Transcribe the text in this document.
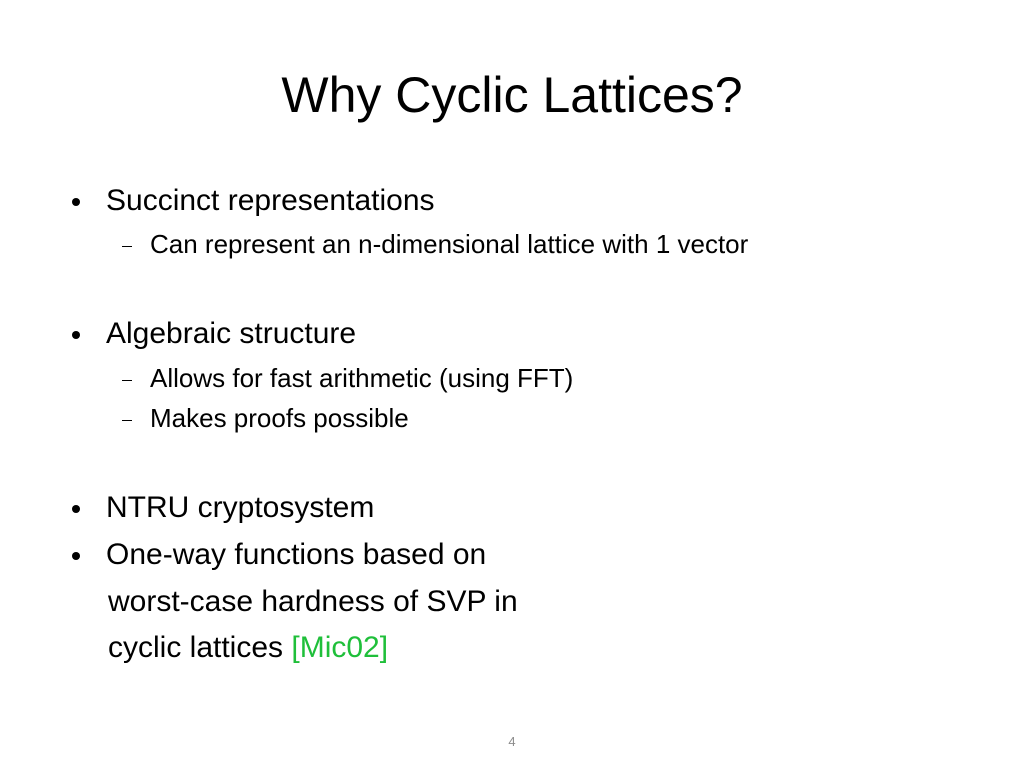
Why Cyclic Lattices?
Succinct representations
Can represent an n-dimensional lattice with 1 vector
Algebraic structure
Allows for fast arithmetic (using FFT)
Makes proofs possible
NTRU cryptosystem
One-way functions based on
worst-case hardness of SVP in
cyclic lattices [Mic02]
4
